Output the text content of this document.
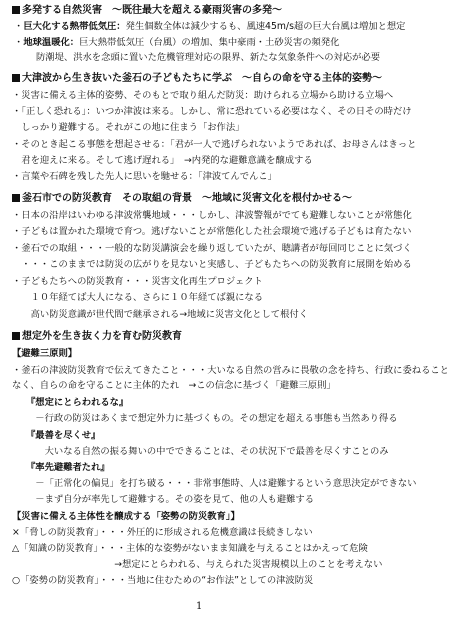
多発する自然災害　～既往最大を超える豪雨災害の多発～
・巨大化する熱帯低気圧：発生個数全体は減少するも、風速45m/s超の巨大台風は増加と想定
・地球温暖化：巨大熱帯低気圧（台風）の増加、集中豪雨・土砂災害の頻発化
防潮堤、洪水を念頭に置いた危機管理対応の限界、新たな気象条件への対応が必要
大津波から生き抜いた釜石の子どもたちに学ぶ　～自らの命を守る主体的姿勢～
・災害に備える主体的姿勢、そのもとで取り組んだ防災：助けられる立場から助ける立場へ
・「正しく恐れる」：いつか津波は来る。しかし、常に恐れている必要はなく、その日その時だけ
　しっかり避難する。それがこの地に住まう「お作法」
・そのとき起こる事態を想起させる：「君が一人で逃げられないようであれば、お母さんはきっと
　君を迎えに来る。そして逃げ遅れる」　→内発的な避難意識を醸成する
・言葉や石碑を残した先人に思いを馳せる：「津波てんでんこ」
釜石市での防災教育　その取組の背景　～地域に災害文化を根付かせる～
・日本の沿岸はいわゆる津波常襲地域・・・しかし、津波警報がでても避難しないことが常態化
・子どもは置かれた環境で育つ。逃げないことが常態化した社会環境で逃げる子どもは育たない
・釜石での取組・・・一般的な防災講演会を繰り返していたが、聴講者が毎回同じことに気づく
　・・・このままでは防災の広がりを見ないと実感し、子どもたちへの防災教育に展開を始める
・子どもたちへの防災教育・・・災害文化再生プロジェクト
　　１０年経てば大人になる、さらに１０年経てば親になる
　　高い防災意識が世代間で継承される→地域に災害文化として根付く
想定外を生き抜く力を育む防災教育
【避難三原則】
・釜石の津波防災教育で伝えてきたこと・・・大いなる自然の営みに畏敬の念を持ち、行政に委ねること
なく、自らの命を守ることに主体的たれ　→この信念に基づく「避難三原則」
『想定にとらわれるな』
　－行政の防災はあくまで想定外力に基づくもの。その想定を超える事態も当然あり得る
『最善を尽くせ』
　　大いなる自然の振る舞いの中でできることは、その状況下で最善を尽くすことのみ
『率先避難者たれ』
　－「正常化の偏見」を打ち破る・・・非常事態時、人は避難するという意思決定ができない
　－まず自分が率先して避難する。その姿を見て、他の人も避難する
【災害に備える主体性を醸成する「姿勢の防災教育」】
×「脅しの防災教育」・・・外圧的に形成される危機意識は長続きしない
△「知識の防災教育」・・・主体的な姿勢がないまま知識を与えることはかえって危険
　　　　　　　　　　　→想定にとらわれる、与えられた災害規模以上のことを考えない
○「姿勢の防災教育」・・・当地に住むための“お作法”としての津波防災
1
